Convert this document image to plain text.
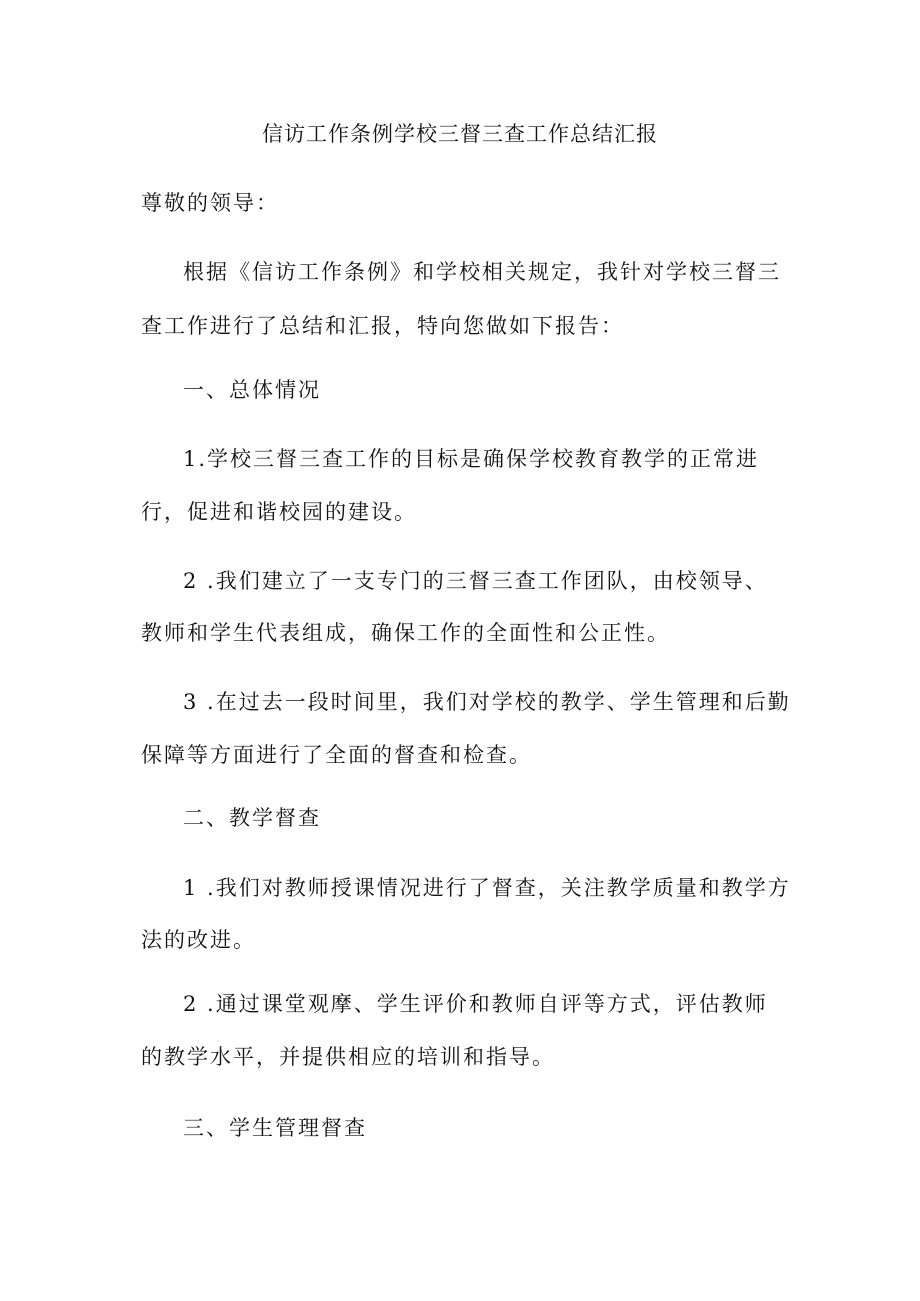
信访工作条例学校三督三查工作总结汇报

尊敬的领导：

根据《信访工作条例》和学校相关规定，我针对学校三督三

查工作进行了总结和汇报，特向您做如下报告：

一、总体情况

1.学校三督三查工作的目标是确保学校教育教学的正常进

行，促进和谐校园的建设。

2 .我们建立了一支专门的三督三查工作团队，由校领导、

教师和学生代表组成，确保工作的全面性和公正性。

3 .在过去一段时间里，我们对学校的教学、学生管理和后勤

保障等方面进行了全面的督查和检查。

二、教学督查

1 .我们对教师授课情况进行了督查，关注教学质量和教学方

法的改进。

2 .通过课堂观摩、学生评价和教师自评等方式，评估教师

的教学水平，并提供相应的培训和指导。

三、学生管理督查
